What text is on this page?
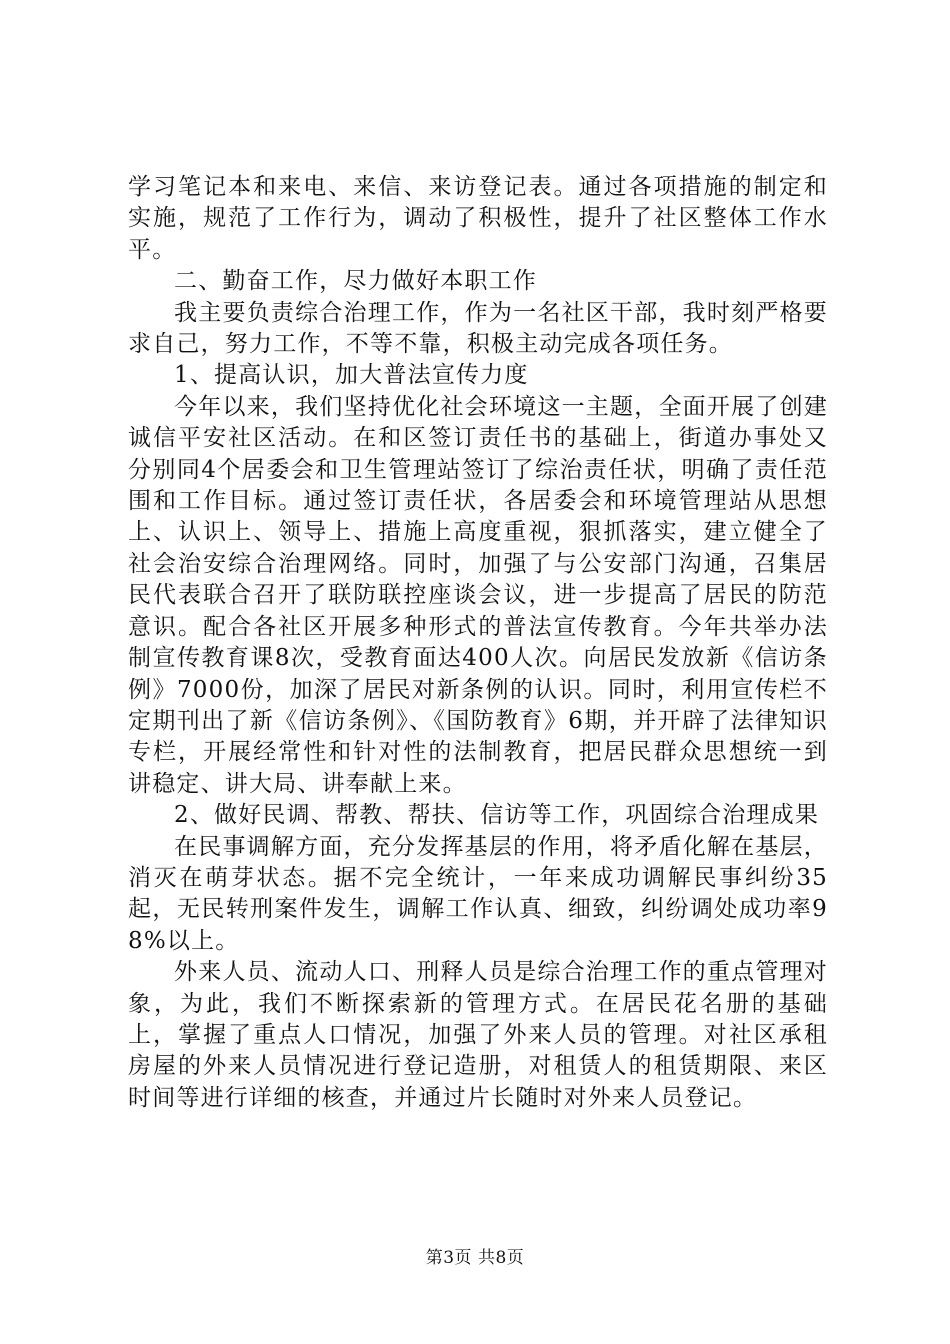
学习笔记本和来电、来信、来访登记表。通过各项措施的制定和实施，规范了工作行为，调动了积极性，提升了社区整体工作水平。

二、勤奋工作，尽力做好本职工作

我主要负责综合治理工作，作为一名社区干部，我时刻严格要求自己，努力工作，不等不靠，积极主动完成各项任务。

1、提高认识，加大普法宣传力度

今年以来，我们坚持优化社会环境这一主题，全面开展了创建诚信平安社区活动。在和区签订责任书的基础上，街道办事处又分别同4个居委会和卫生管理站签订了综治责任状，明确了责任范围和工作目标。通过签订责任状，各居委会和环境管理站从思想上、认识上、领导上、措施上高度重视，狠抓落实，建立健全了社会治安综合治理网络。同时，加强了与公安部门沟通，召集居民代表联合召开了联防联控座谈会议，进一步提高了居民的防范意识。配合各社区开展多种形式的普法宣传教育。今年共举办法制宣传教育课8次，受教育面达400人次。向居民发放新《信访条例》7000份，加深了居民对新条例的认识。同时，利用宣传栏不定期刊出了新《信访条例》、《国防教育》6期，并开辟了法律知识专栏，开展经常性和针对性的法制教育，把居民群众思想统一到讲稳定、讲大局、讲奉献上来。

2、做好民调、帮教、帮扶、信访等工作，巩固综合治理成果

在民事调解方面，充分发挥基层的作用，将矛盾化解在基层，消灭在萌芽状态。据不完全统计，一年来成功调解民事纠纷35起，无民转刑案件发生，调解工作认真、细致，纠纷调处成功率98%以上。

外来人员、流动人口、刑释人员是综合治理工作的重点管理对象，为此，我们不断探索新的管理方式。在居民花名册的基础上，掌握了重点人口情况，加强了外来人员的管理。对社区承租房屋的外来人员情况进行登记造册，对租赁人的租赁期限、来区时间等进行详细的核查，并通过片长随时对外来人员登记。

第3页 共8页
